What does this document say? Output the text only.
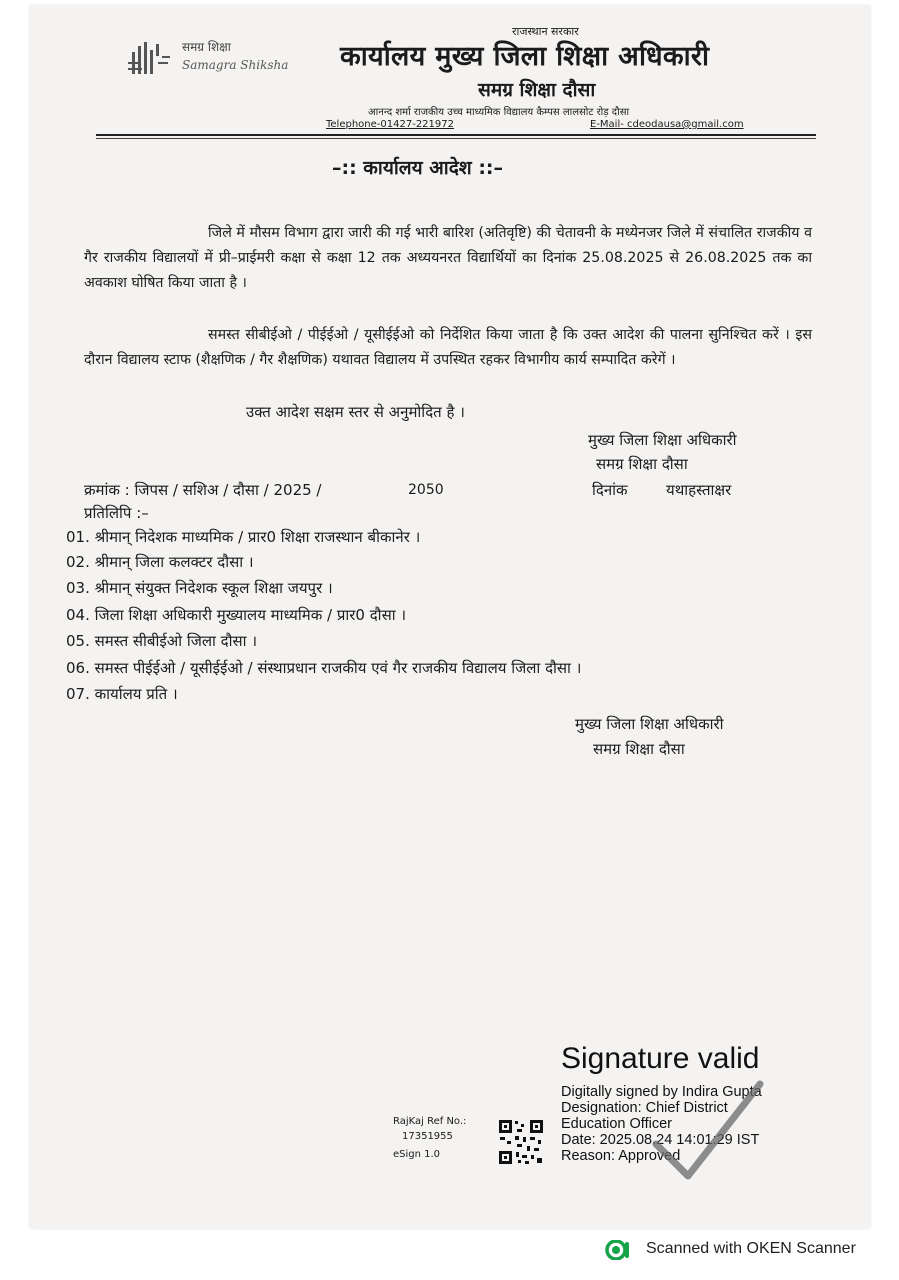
राजस्थान सरकार
समग्र शिक्षा
Samagra Shiksha कार्यालय मुख्य जिला शिक्षा अधिकारी
समग्र शिक्षा दौसा
आनन्द शर्मा राजकीय उच्च माध्यमिक विद्यालय कैम्पस लालसोट रोड़ दौसा
Telephone-01427-221972	E-Mail- cdeodausa@gmail.com
–:: कार्यालय आदेश ::–
जिले में मौसम विभाग द्वारा जारी की गई भारी बारिश (अतिवृष्टि) की चेतावनी के मध्येनजर जिले में संचालित राजकीय व गैर राजकीय विद्यालयों में प्री–प्राईमरी कक्षा से कक्षा 12 तक अध्ययनरत विद्यार्थियों का दिनांक 25.08.2025 से 26.08.2025 तक का अवकाश घोषित किया जाता है ।
समस्त सीबीईओ / पीईईओ / यूसीईईओ को निर्देशित किया जाता है कि उक्त आदेश की पालना सुनिश्चित करें । इस दौरान विद्यालय स्टाफ (शैक्षणिक / गैर शैक्षणिक) यथावत विद्यालय में उपस्थित रहकर विभागीय कार्य सम्पादित करेगें ।
उक्त आदेश सक्षम स्तर से अनुमोदित है ।
मुख्य जिला शिक्षा अधिकारी
समग्र शिक्षा दौसा
क्रमांक : जिपस / सशिअ / दौसा / 2025 /	2050	दिनांक	यथाहस्ताक्षर
प्रतिलिपि :–
01. श्रीमान् निदेशक माध्यमिक / प्रार0 शिक्षा राजस्थान बीकानेर ।
02. श्रीमान् जिला कलक्टर दौसा ।
03. श्रीमान् संयुक्त निदेशक स्कूल शिक्षा जयपुर ।
04. जिला शिक्षा अधिकारी मुख्यालय माध्यमिक / प्रार0 दौसा ।
05. समस्त सीबीईओ जिला दौसा ।
06. समस्त पीईईओ / यूसीईईओ / संस्थाप्रधान राजकीय एवं गैर राजकीय विद्यालय जिला दौसा ।
07. कार्यालय प्रति ।
मुख्य जिला शिक्षा अधिकारी
समग्र शिक्षा दौसा
Signature valid
Digitally signed by Indira Gupta
Designation: Chief District
Education Officer
Date: 2025.08.24 14:01:29 IST
Reason: Approved
RajKaj Ref No.:
17351955
eSign 1.0
Scanned with OKEN Scanner
